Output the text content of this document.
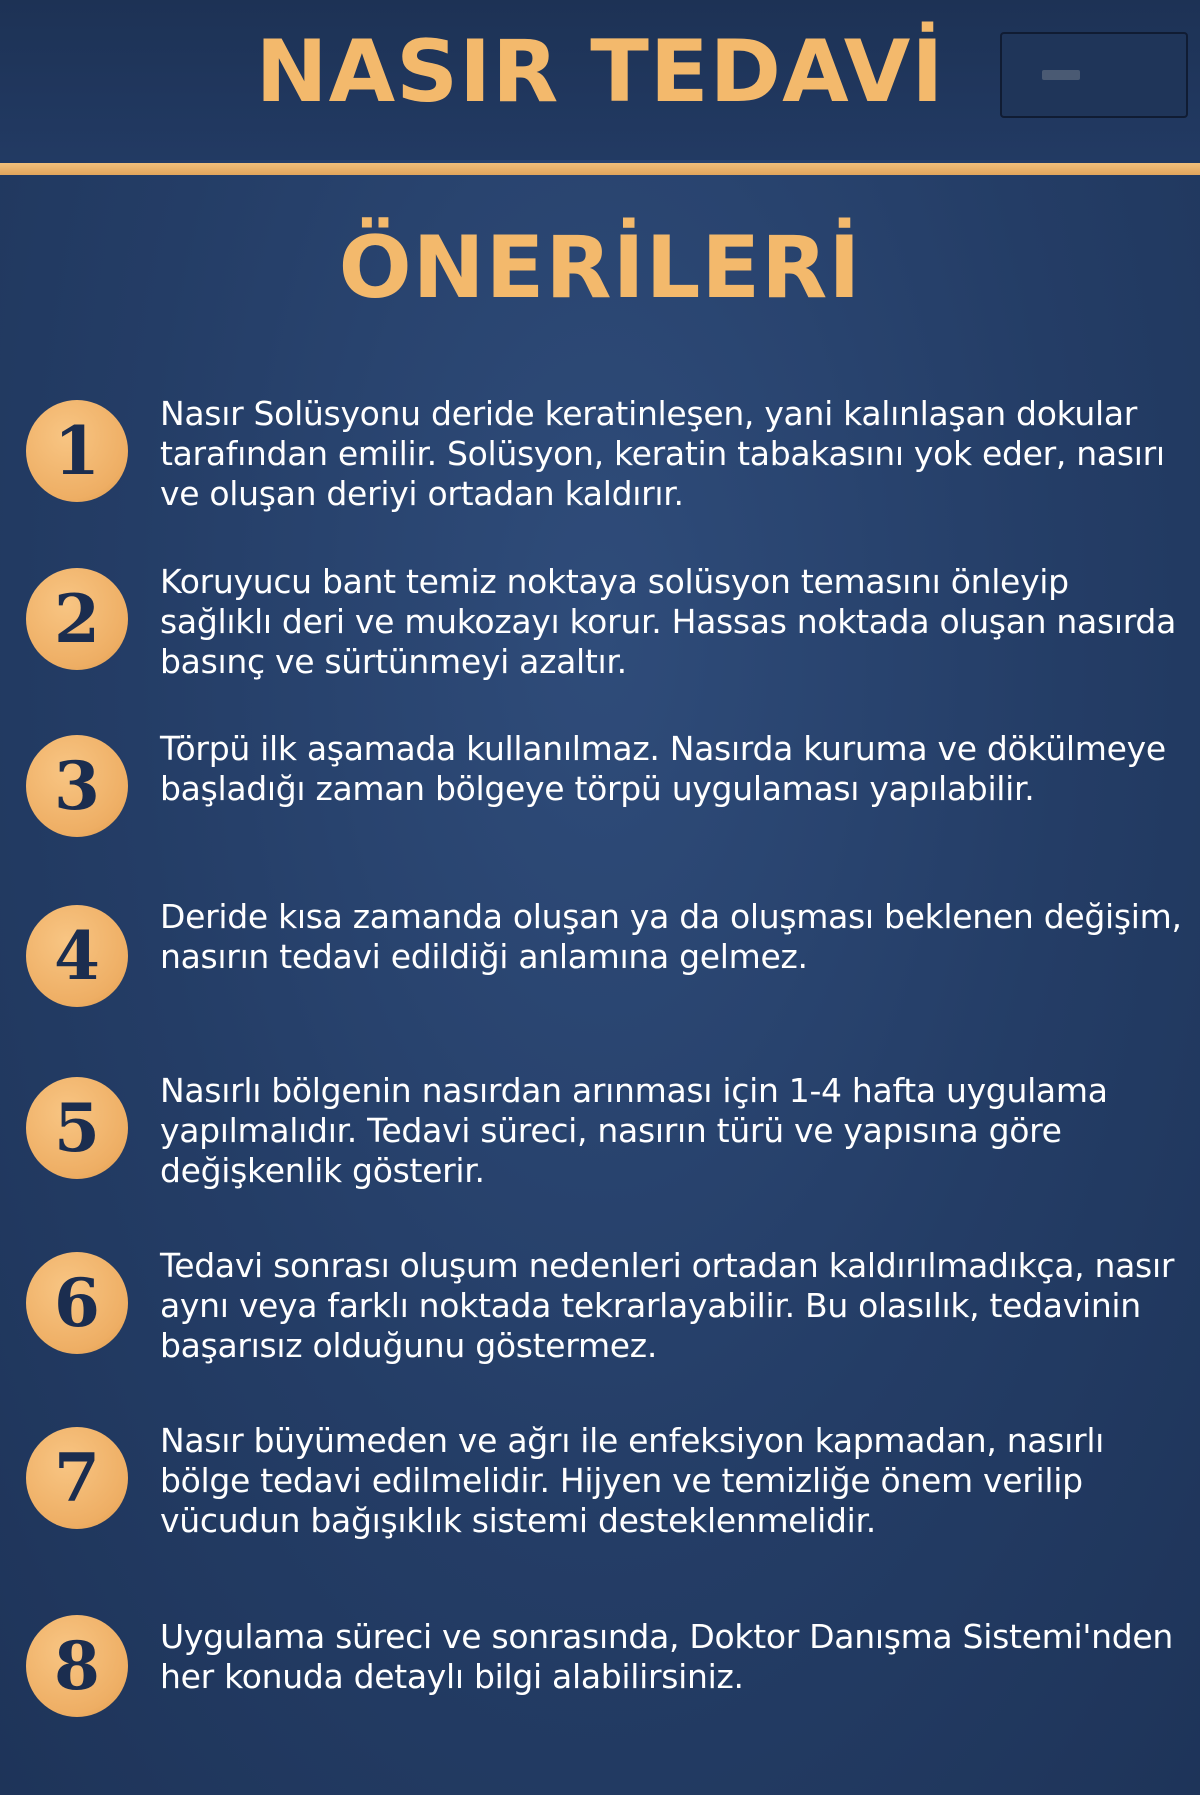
NASIR TEDAVİ
ÖNERİLERİ
1	Nasır Solüsyonu deride keratinleşen, yani kalınlaşan dokular tarafından emilir. Solüsyon, keratin tabakasını yok eder, nasırı ve oluşan deriyi ortadan kaldırır.

2	Koruyucu bant temiz noktaya solüsyon temasını önleyip sağlıklı deri ve mukozayı korur. Hassas noktada oluşan nasırda basınç ve sürtünmeyi azaltır.

3	Törpü ilk aşamada kullanılmaz. Nasırda kuruma ve dökülmeye başladığı zaman bölgeye törpü uygulaması yapılabilir.

4

Deride kısa zamanda oluşan ya da oluşması beklenen değişim, nasırın tedavi edildiği anlamına gelmez.

5	Nasırlı bölgenin nasırdan arınması için 1-4 hafta uygulama yapılmalıdır. Tedavi süreci, nasırın türü ve yapısına göre değişkenlik gösterir.

6	Tedavi sonrası oluşum nedenleri ortadan kaldırılmadıkça, nasır aynı veya farklı noktada tekrarlayabilir. Bu olasılık, tedavinin başarısız olduğunu göstermez.

7	Nasır büyümeden ve ağrı ile enfeksiyon kapmadan, nasırlı bölge tedavi edilmelidir. Hijyen ve temizliğe önem verilip vücudun bağışıklık sistemi desteklenmelidir.

8	Uygulama süreci ve sonrasında, Doktor Danışma Sistemi'nden her konuda detaylı bilgi alabilirsiniz.
